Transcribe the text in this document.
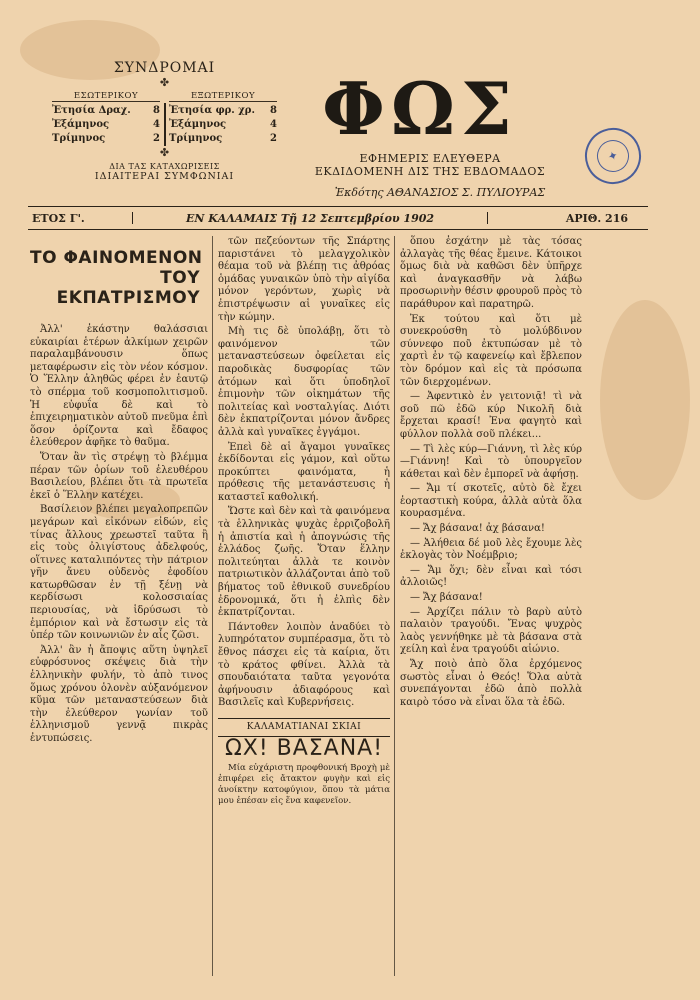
ΣΥΝΔΡΟΜΑΙ
✤
ΕΣΩΤΕΡΙΚΟΥ
Ἐτησία Δραχ. 8
Ἐξάμηνος	4
Τρίμηνος	2
ΕΞΩΤΕΡΙΚΟΥ
Ἐτησία φρ. χρ. 8
Ἐξάμηνος	4
Τρίμηνος	2
✤
ΔΙΑ ΤΑΣ ΚΑΤΑΧΩΡΙΣΕΙΣ
ΙΔΙΑΙΤΕΡΑΙ ΣΥΜΦΩΝΙΑΙ
ΦΩΣ
ΕΦΗΜΕΡΙΣ ΕΛΕΥΘΕΡΑ
ΕΚΔΙΔΟΜΕΝΗ ΔΙΣ ΤΗΣ ΕΒΔΟΜΑΔΟΣ
Ἐκδότης ΑΘΑΝΑΣΙΟΣ Σ. ΠΥΛΙΟΥΡΑΣ
✦
ΕΤΟΣ Γ'.	ΕΝ ΚΑΛΑΜΑΙΣ Τῇ 12 Σεπτεμβρίου 1902	ΑΡΙΘ. 216
ΤΟ ΦΑΙΝΟΜΕΝΟΝ
ΤΟΥ ΕΚΠΑΤΡΙΣΜΟΥ

Ἀλλ' ἑκάστην θαλάσσιαι εὐκαιρίαι ἑτέρων ἀλκίμων χειρῶν παραλαμβάνουσιν ὅπως μεταφέρωσιν εἰς τὸν νέον κόσμον. Ὁ Ἕλλην ἀληθῶς φέρει ἐν ἑαυτῷ τὸ σπέρμα τοῦ κοσμοπολιτισμοῦ. Ἡ εὐφυΐα δὲ καὶ τὸ ἐπιχειρηματικὸν αὐτοῦ πνεῦμα ἐπὶ ὅσον ὁρίζοντα καὶ ἔδαφος ἐλεύθερον ἀφῆκε τὸ θαῦμα.

Ὅταν ἂν τὶς στρέψῃ τὸ βλέμμα πέραν τῶν ὁρίων τοῦ ἐλευθέρου Βασιλείου, βλέπει ὅτι τὰ πρωτεῖα ἐκεῖ ὁ Ἕλλην κατέχει.

Βασίλειον βλέπει μεγαλοπρεπῶν μεγάρων καὶ εἰκόνων εἰδών, εἰς τίνας ἄλλους χρεωστεῖ ταῦτα ἢ εἰς τοὺς ὀλιγίστους ἀδελφούς, οἵτινες καταλιπόντες τὴν πάτριον γῆν ἄνευ οὐδενὸς ἐφοδίου κατωρθῶσαν ἐν τῇ ξένῃ νὰ κερδίσωσι κολοσσιαίας περιουσίας, νὰ ἱδρύσωσι τὸ ἐμπόριον καὶ νὰ ἔστωσιν εἰς τὰ ὑπέρ τῶν κοινωνιῶν ἐν αἷς ζῶσι.

Ἀλλ' ἂν ἡ ἄποψις αὕτη ὑψηλεῖ εὐφρόσυνος σκέψεις διὰ τὴν ἑλληνικὴν φυλήν, τὸ ἀπὸ τινος ὅμως χρόνου ὁλονὲν αὐξανόμενον κῦμα τῶν μεταναστεύσεων διὰ τὴν ἐλεύθερον γωνίαν τοῦ ἑλληνισμοῦ γεννᾷ πικρὰς ἐντυπώσεις.

τῶν πεζεύοντων τῆς Σπάρτης παριστάνει τὸ μελαγχολικὸν θέαμα τοῦ νὰ βλέπῃ τις ἀθρόας ὁμάδας γυναικῶν ὑπὸ τὴν αἰγίδα μόνον γερόντων, χωρὶς νὰ ἐπιστρέψωσιν αἱ γυναῖκες εἰς τὴν κώμην.

Μὴ τις δὲ ὑπολάβῃ, ὅτι τὸ φαινόμενον τῶν μεταναστεύσεων ὀφείλεται εἰς παροδικὰς δυσφορίας τῶν ἀτόμων καὶ ὅτι ὑποδηλοῖ ἐπιμονὴν τῶν οἰκημάτων τῆς πολιτείας καὶ νοσταλγίας. Διότι δὲν ἐκπατρίζονται μόνον ἄνδρες ἀλλὰ καὶ γυναῖκες ἐγγάμοι.

Ἐπεὶ δὲ αἱ ἄγαμοι γυναῖκες ἐκδίδονται εἰς γάμον, καὶ οὕτω προκύπτει φαινόματα, ἡ πρόθεσις τῆς μετανάστευσις ἡ καταστεῖ καθολική.

Ὥστε καὶ δὲν καὶ τὰ φαινόμενα τὰ ἑλληνικὰς ψυχὰς ἐρριζοβολῆ ἡ ἀπιστία καὶ ἡ ἀπογνώσις τῆς ἑλλάδος ζωῆς. Ὅταν ἕλλην πολιτεύηται ἀλλὰ τε κοινὸν πατριωτικὸν ἀλλάζονται ἀπὸ τοῦ βήματος τοῦ ἐθνικοῦ συνεδρίου ἐδρονομικά, ὅτι ἡ ἐλπὶς δὲν ἐκπατρίζονται.

Πάντοθεν λοιπὸν ἀναδύει τὸ λυπηρότατον συμπέρασμα, ὅτι τὸ ἔθνος πάσχει εἰς τὰ καίρια, ὅτι τὸ κράτος φθίνει. Ἀλλὰ τὰ σπουδαιότατα ταῦτα γεγονότα ἀφήνουσιν ἀδιαφόρους καὶ Βασιλεῖς καὶ Κυβερνήσεις.

ΚΑΛΑΜΑΤΙΑΝΑΙ ΣΚΙΑΙ
ΩΧ! ΒΑΣΑΝΑ!

Μία εὐχάριστη προφθονική Βροχὴ μὲ ἐπιφέρει εἰς ἄτακτον φυγὴν καὶ εἰς ἀνοίκτην κατοφύγιον, ὅπου τὰ μάτια μου ἐπέσαν εἰς ἕνα καφενεῖον.

ὅπου ἐσχάτην μὲ τὰς τόσας ἀλλαγὰς τῆς θέας ἔμεινε. Κάτοικοι ὅμως διὰ νὰ καθῶσι δὲν ὑπῆρχε καὶ ἀναγκασθῆν νὰ λάβω προσωρινὴν θέσιν φρουροῦ πρὸς τὸ παράθυρον καὶ παρατηρῶ.

Ἐκ τούτου καὶ ὅτι μὲ συνεκρούσθη τὸ μολύβδινον σύννεφο ποῦ ἐκτυπώσαν μὲ τὸ χαρτὶ ἐν τῷ καφενείῳ καὶ ἔβλεπον τὸν δρόμον καὶ εἰς τὰ πρόσωπα τῶν διερχομένων.

— Ἀφεντικὸ ἐν γειτονιᾷ! τὶ νὰ σοῦ πῶ ἐδῶ κύρ Νικολῆ διὰ ἔρχεται κρασί! Ἐνα φαγητὸ καὶ φύλλον πολλὰ σοῦ πλέκει...

— Τὶ λὲς κύρ—Γιάννη, τὶ λὲς κύρ—Γιάννη! Καὶ τὸ ὑπουργεῖον κάθεται καὶ δὲν ἐμπορεῖ νὰ ἀφήσῃ.

— Ἄμ τί σκοτεῖς, αὐτὸ δὲ ἔχει ἑορταστικὴ κούρα, ἀλλὰ αὐτὰ ὅλα κουρασμένα.

— Ἄχ βάσανα! ἀχ βάσανα!

— Ἀλήθεια δέ μοῦ λὲς ἔχουμε λὲς ἐκλογὰς τὸν Νοέμβριο;

— Ἄμ ὅχι; δὲν εἶναι καὶ τόσι ἀλλοιῶς!

— Ἄχ βάσανα!

— Ἀρχίζει πάλιν τὸ βαρὺ αὐτὸ παλαιὸν τραγούδι. Ἔνας ψυχρὸς λαὸς γεννήθηκε μὲ τὰ βάσανα στὰ χείλη καὶ ἐνα τραγούδι αἰώνιο.

Ἄχ ποιὸ ἀπὸ ὅλα ἐρχόμενος σωστὸς εἶναι ὁ Θεός! Ὅλα αὐτὰ συνεπάγονται ἐδῶ ἀπὸ πολλὰ καιρὸ τόσο νὰ εἶναι ὅλα τὰ ἐδῶ.
